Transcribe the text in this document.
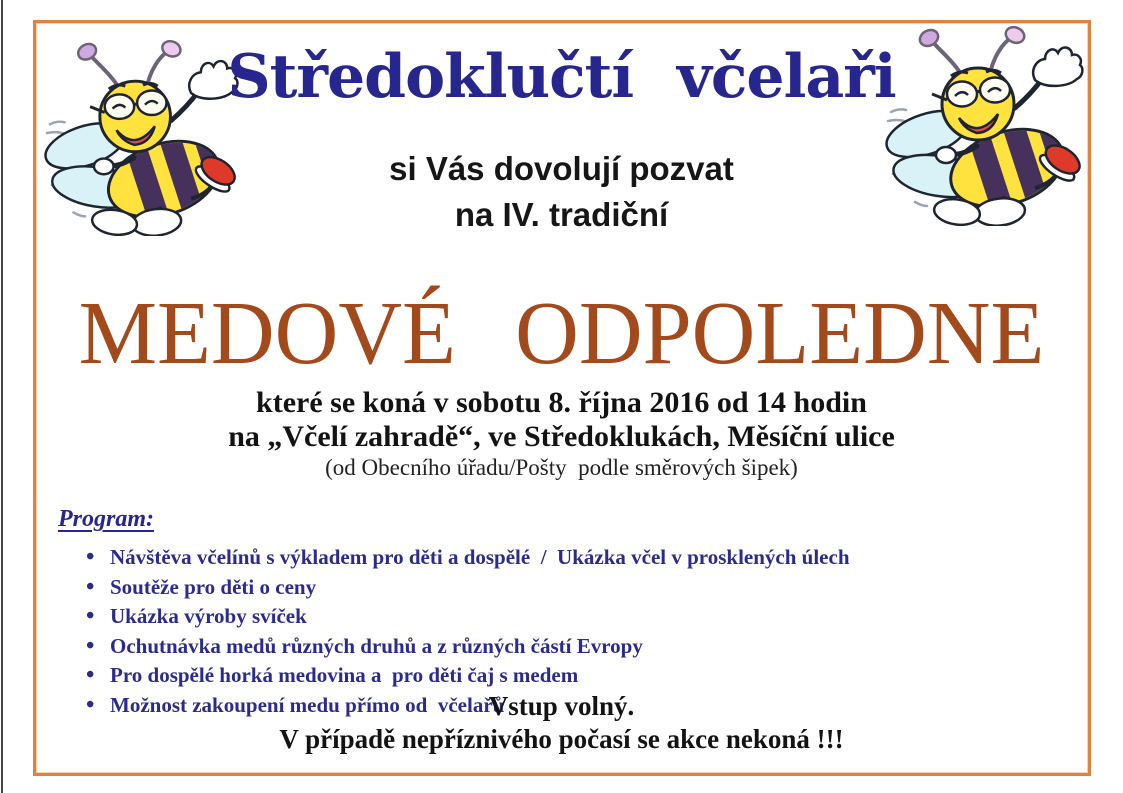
Středoklučtí včelaři
si Vás dovolují pozvat
na IV. tradiční
MEDOVÉ ODPOLEDNE
které se koná v sobotu 8. října 2016 od 14 hodin
na „Včelí zahradě“, ve Středoklukách, Měsíční ulice
(od Obecního úřadu/Pošty  podle směrových šipek)

Program:

• Návštěva včelínů s výkladem pro děti a dospělé  /  Ukázka včel v prosklených úlech
• Soutěže pro děti o ceny
• Ukázka výroby svíček
• Ochutnávka medů různých druhů a z různých částí Evropy
• Pro dospělé horká medovina a  pro děti čaj s medem
• Možnost zakoupení medu přímo od  včelařů
Vstup volný.
V případě nepříznivého počasí se akce nekoná !!!
